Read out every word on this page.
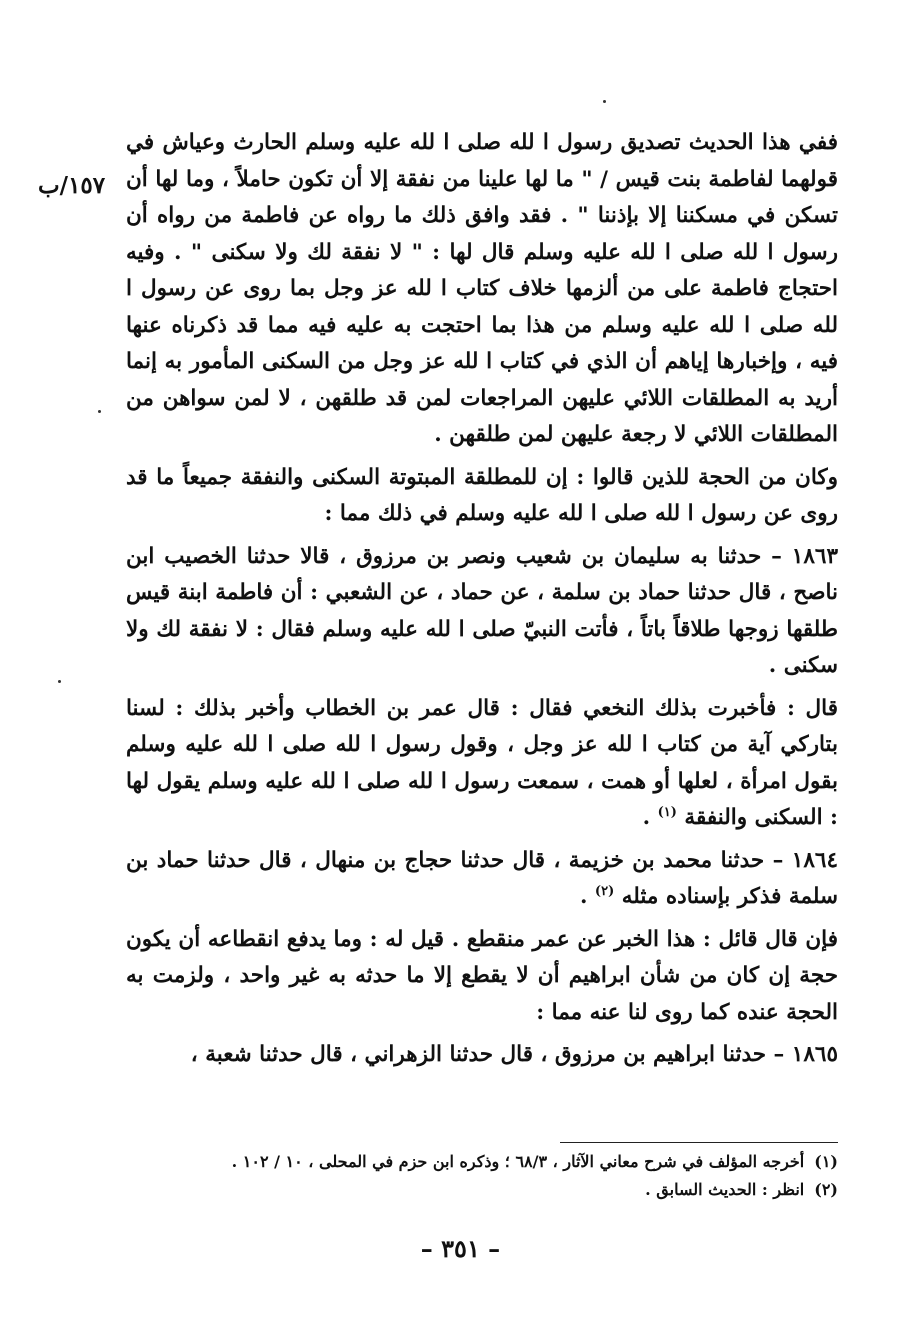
١٥٧/ب

ففي هذا الحديث تصديق رسول ا لله صلى ا لله عليه وسلم الحارث وعياش في قولهما لفاطمة بنت قيس / " ما لها علينا من نفقة إلا أن تكون حاملاً ، وما لها أن تسكن في مسكننا إلا بإذننا " . فقد وافق ذلك ما رواه عن فاطمة من رواه أن رسول ا لله صلى ا لله عليه وسلم قال لها : " لا نفقة لك ولا سكنى " . وفيه احتجاج فاطمة على من ألزمها خلاف كتاب ا لله عز وجل بما روى عن رسول ا لله صلى ا لله عليه وسلم من هذا بما احتجت به عليه فيه مما قد ذكرناه عنها فيه ، وإخبارها إياهم أن الذي في كتاب ا لله عز وجل من السكنى المأمور به إنما أريد به المطلقات اللائي عليهن المراجعات لمن قد طلقهن ، لا لمن سواهن من المطلقات اللائي لا رجعة عليهن لمن طلقهن .

وكان من الحجة للذين قالوا : إن للمطلقة المبتوتة السكنى والنفقة جميعاً ما قد روى عن رسول ا لله صلى ا لله عليه وسلم في ذلك مما :

١٨٦٣ – حدثنا به سليمان بن شعيب ونصر بن مرزوق ، قالا حدثنا الخصيب ابن ناصح ، قال حدثنا حماد بن سلمة ، عن حماد ، عن الشعبي : أن فاطمة ابنة قيس طلقها زوجها طلاقاً باتاً ، فأتت النبيّ صلى ا لله عليه وسلم فقال : لا نفقة لك ولا سكنى .

قال : فأخبرت بذلك النخعي فقال : قال عمر بن الخطاب وأخبر بذلك : لسنا بتاركي آية من كتاب ا لله عز وجل ، وقول رسول ا لله صلى ا لله عليه وسلم بقول امرأة ، لعلها أو همت ، سمعت رسول ا لله صلى ا لله عليه وسلم يقول لها : السكنى والنفقة $^{(١)}$ .

١٨٦٤ – حدثنا محمد بن خزيمة ، قال حدثنا حجاج بن منهال ، قال حدثنا حماد بن سلمة فذكر بإسناده مثله $^{(٢)}$ .

فإن قال قائل : هذا الخبر عن عمر منقطع . قيل له : وما يدفع انقطاعه أن يكون حجة إن كان من شأن ابراهيم أن لا يقطع إلا ما حدثه به غير واحد ، ولزمت به الحجة عنده كما روى لنا عنه مما :

١٨٦٥ – حدثنا ابراهيم بن مرزوق ، قال حدثنا الزهراني ، قال حدثنا شعبة ،

(١)أخرجه المؤلف في شرح معاني الآثار ، ٦٨/٣ ؛ وذكره ابن حزم في المحلى ، ١٠ / ١٠٢ .

(٢)انظر : الحديث السابق .

– ٣٥١ –
